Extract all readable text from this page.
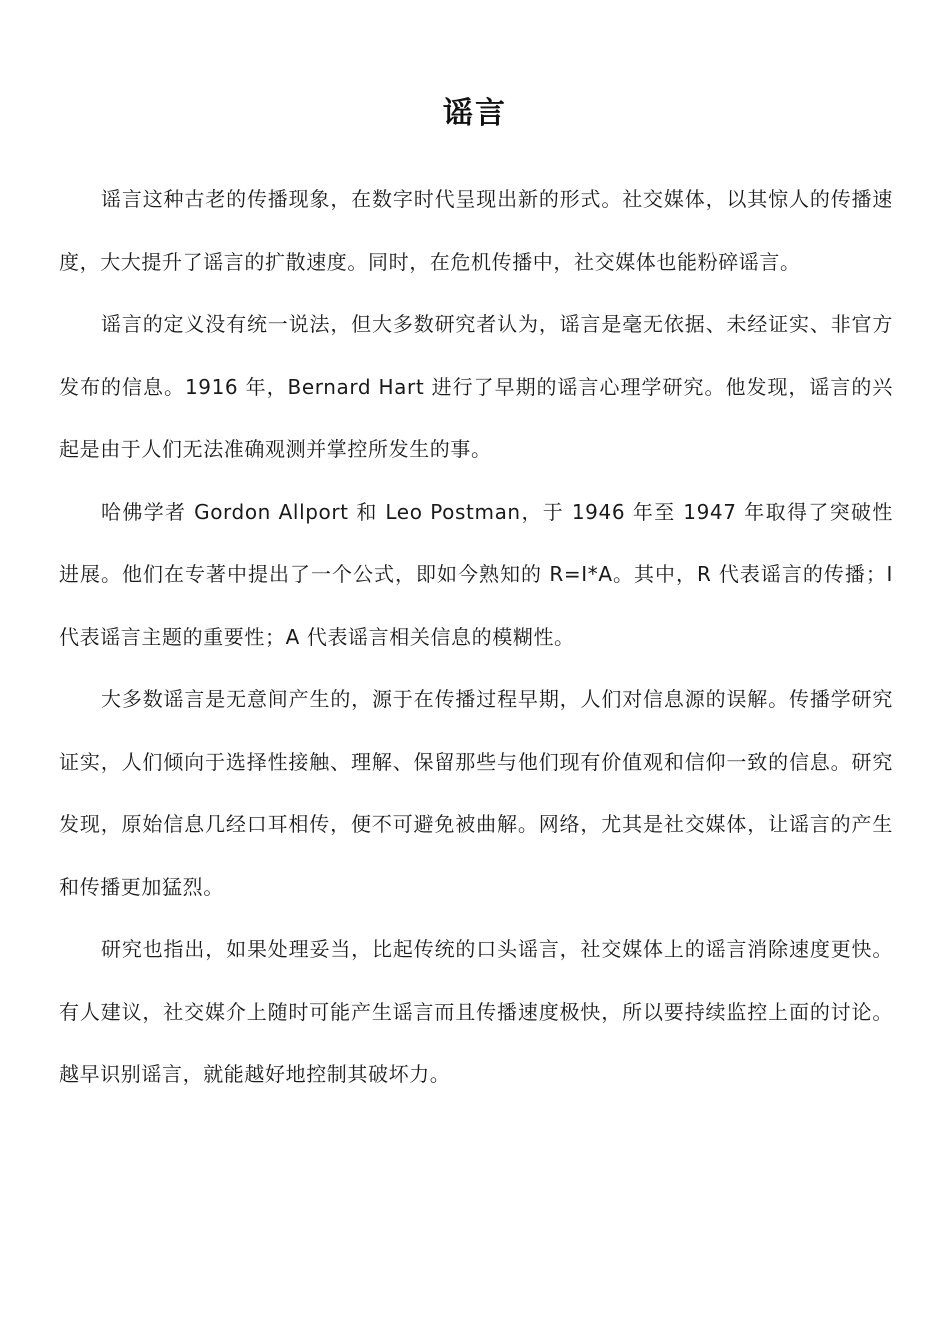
谣言

谣言这种古老的传播现象，在数字时代呈现出新的形式。社交媒体，以其惊人的传播速度，大大提升了谣言的扩散速度。同时，在危机传播中，社交媒体也能粉碎谣言。

谣言的定义没有统一说法，但大多数研究者认为，谣言是毫无依据、未经证实、非官方发布的信息。1916 年，Bernard Hart 进行了早期的谣言心理学研究。他发现，谣言的兴起是由于人们无法准确观测并掌控所发生的事。

哈佛学者 Gordon Allport 和 Leo Postman，于 1946 年至 1947 年取得了突破性进展。他们在专著中提出了一个公式，即如今熟知的 R=I*A。其中，R 代表谣言的传播；I 代表谣言主题的重要性；A 代表谣言相关信息的模糊性。

大多数谣言是无意间产生的，源于在传播过程早期，人们对信息源的误解。传播学研究证实，人们倾向于选择性接触、理解、保留那些与他们现有价值观和信仰一致的信息。研究发现，原始信息几经口耳相传，便不可避免被曲解。网络，尤其是社交媒体，让谣言的产生和传播更加猛烈。

研究也指出，如果处理妥当，比起传统的口头谣言，社交媒体上的谣言消除速度更快。有人建议，社交媒介上随时可能产生谣言而且传播速度极快，所以要持续监控上面的讨论。越早识别谣言，就能越好地控制其破坏力。
